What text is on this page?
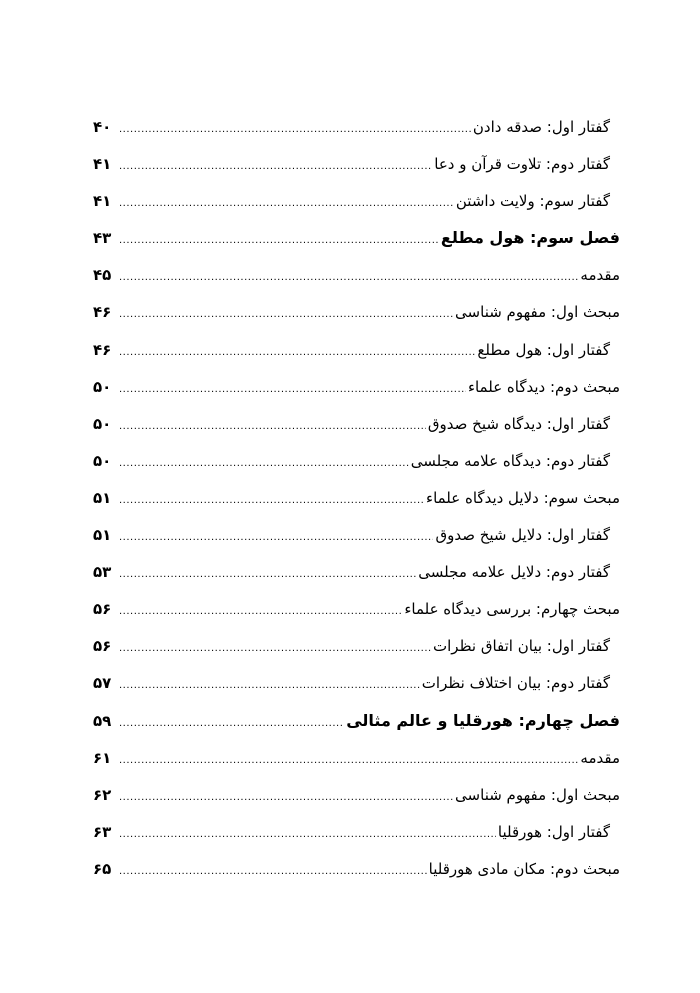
گفتار اول: صدقه دادن
.....
۴۰
گفتار دوم: تلاوت قرآن و دعا
.....
۴۱
گفتار سوم: ولایت داشتن
.....
۴۱
فصل سوم: هول مطلع
.....
۴۳
مقدمه
.....
۴۵
مبحث اول: مفهوم شناسی
.....
۴۶
گفتار اول: هول مطلع
.....
۴۶
مبحث دوم: دیدگاه علماء
.....
۵۰
گفتار اول: دیدگاه شیخ صدوق
.....
۵۰
گفتار دوم: دیدگاه علامه مجلسی
.....
۵۰
مبحث سوم: دلایل دیدگاه علماء
.....
۵۱
گفتار اول: دلایل شیخ صدوق
.....
۵۱
گفتار دوم: دلایل علامه مجلسی
.....
۵۳
مبحث چهارم: بررسی دیدگاه علماء
.....
۵۶
گفتار اول: بیان اتفاق نظرات
.....
۵۶
گفتار دوم: بیان اختلاف نظرات
.....
۵۷
فصل چهارم: هورقلیا و عالم مثالی
.....
۵۹
مقدمه
.....
۶۱
مبحث اول: مفهوم شناسی
.....
۶۲
گفتار اول: هورقلیا
.....
۶۳
مبحث دوم: مکان مادی هورقلیا
.....
۶۵
